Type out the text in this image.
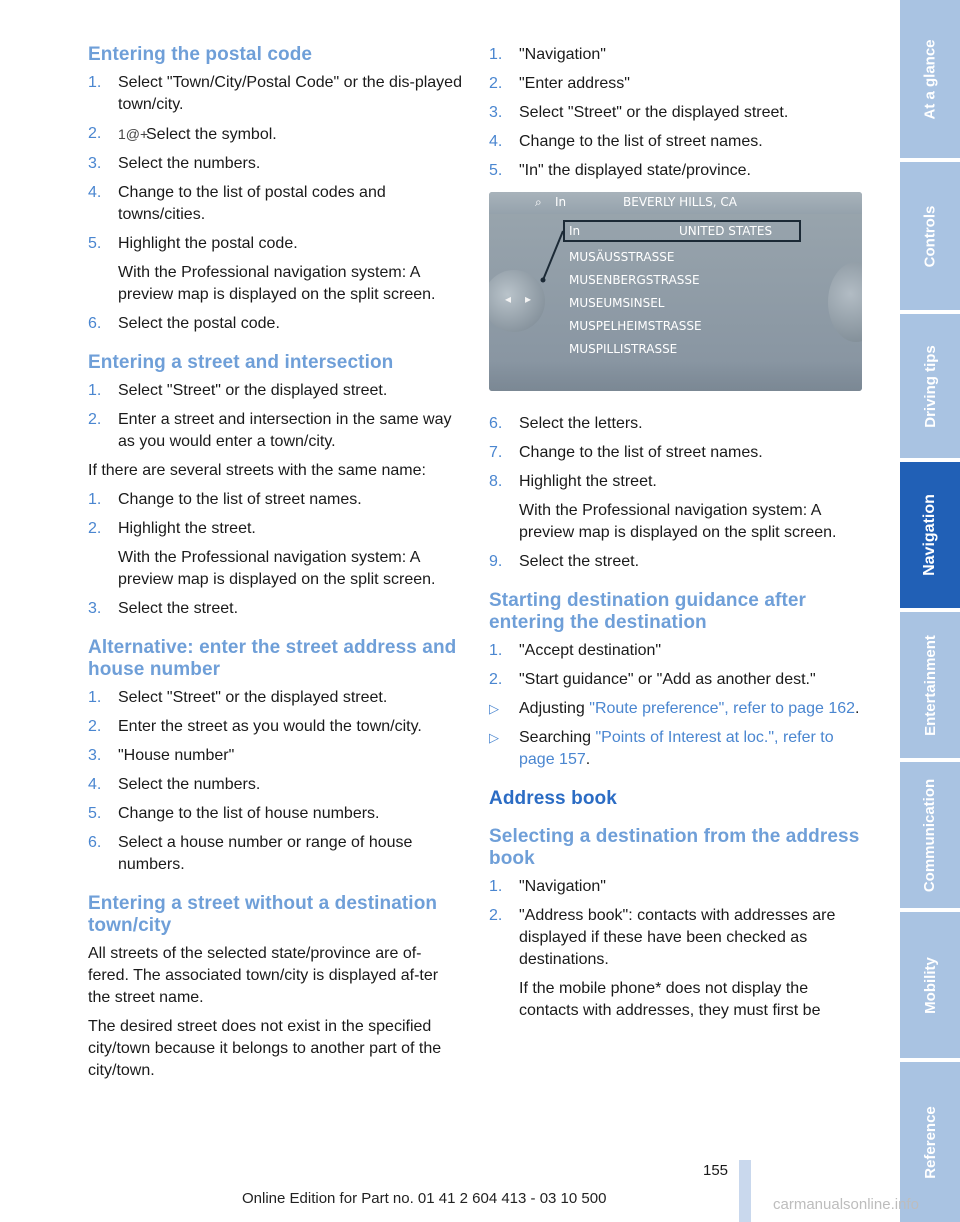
Entering the postal code
1.	Select "Town/City/Postal Code" or the dis-played town/city.
2.	1@+Select the symbol.
3.	Select the numbers.
4.	Change to the list of postal codes and towns/cities.
5.	Highlight the postal code.
With the Professional navigation system: A preview map is displayed on the split screen.
6.	Select the postal code.
Entering a street and intersection
1.	Select "Street" or the displayed street.
2.	Enter a street and intersection in the same way as you would enter a town/city.

If there are several streets with the same name:

1.	Change to the list of street names.
2.	Highlight the street.
With the Professional navigation system: A preview map is displayed on the split screen.
3.	Select the street.
Alternative: enter the street address and house number
1.	Select "Street" or the displayed street.
2.	Enter the street as you would the town/city.
3.	"House number"
4.	Select the numbers.
5.	Change to the list of house numbers.
6.	Select a house number or range of house numbers.
Entering a street without a destination town/city

All streets of the selected state/province are of-fered. The associated town/city is displayed af-ter the street name.

The desired street does not exist in the specified city/town because it belongs to another part of the city/town.

1.	"Navigation"
2.	"Enter address"
3.	Select "Street" or the displayed street.
4.	Change to the list of street names.
5.	"In" the displayed state/province.
⌕ In	BEVERLY HILLS, CA
In	UNITED STATES
MUSÄUSSTRASSE
MUSENBERGSTRASSE
MUSEUMSINSEL
MUSPELHEIMSTRASSE
MUSPILLISTRASSE
◂ ▸
6.	Select the letters.
7.	Change to the list of street names.
8.	Highlight the street.
With the Professional navigation system: A preview map is displayed on the split screen.
9.	Select the street.
Starting destination guidance after entering the destination
1.	"Accept destination"
2.	"Start guidance" or "Add as another dest."
▷	Adjusting "Route preference", refer to page 162.
▷	Searching "Points of Interest at loc.", refer to page 157.
Address book
Selecting a destination from the address book
1.	"Navigation"
2.	"Address book": contacts with addresses are displayed if these have been checked as destinations.
If the mobile phone* does not display the contacts with addresses, they must first be
At a glance
Controls
Driving tips
Navigation
Entertainment
Communication
Mobility
Reference
155
Online Edition for Part no. 01 41 2 604 413 - 03 10 500	carmanualsonline.info
